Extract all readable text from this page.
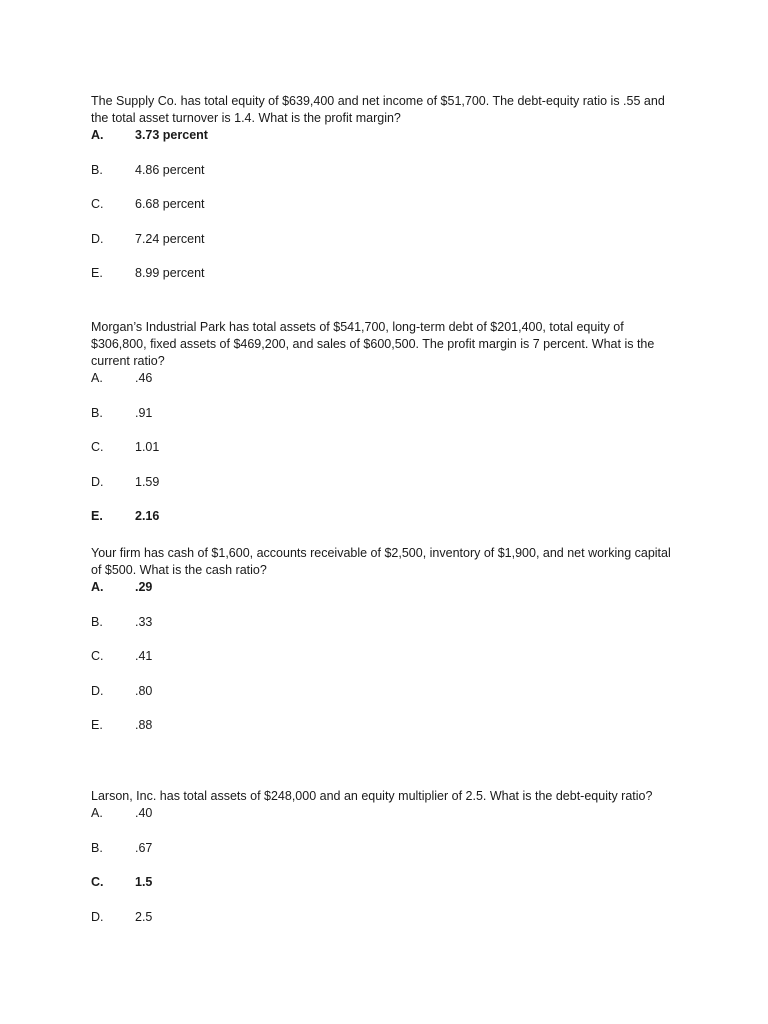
The Supply Co. has total equity of $639,400 and net income of $51,700. The debt-equity ratio is .55 and the total asset turnover is 1.4. What is the profit margin?

A.	3.73 percent
B.	4.86 percent
C.	6.68 percent
D.	7.24 percent
E.	8.99 percent

Morgan’s Industrial Park has total assets of $541,700, long-term debt of $201,400, total equity of $306,800, fixed assets of $469,200, and sales of $600,500. The profit margin is 7 percent. What is the current ratio?

A.	.46
B.	.91
C.	1.01
D.	1.59
E.	2.16

Your firm has cash of $1,600, accounts receivable of $2,500, inventory of $1,900, and net working capital of $500. What is the cash ratio?

A.	.29
B.	.33
C.	.41
D.	.80
E.	.88

Larson, Inc. has total assets of $248,000 and an equity multiplier of 2.5. What is the debt-equity ratio?

A.	.40
B.	.67
C.	1.5
D.	2.5
